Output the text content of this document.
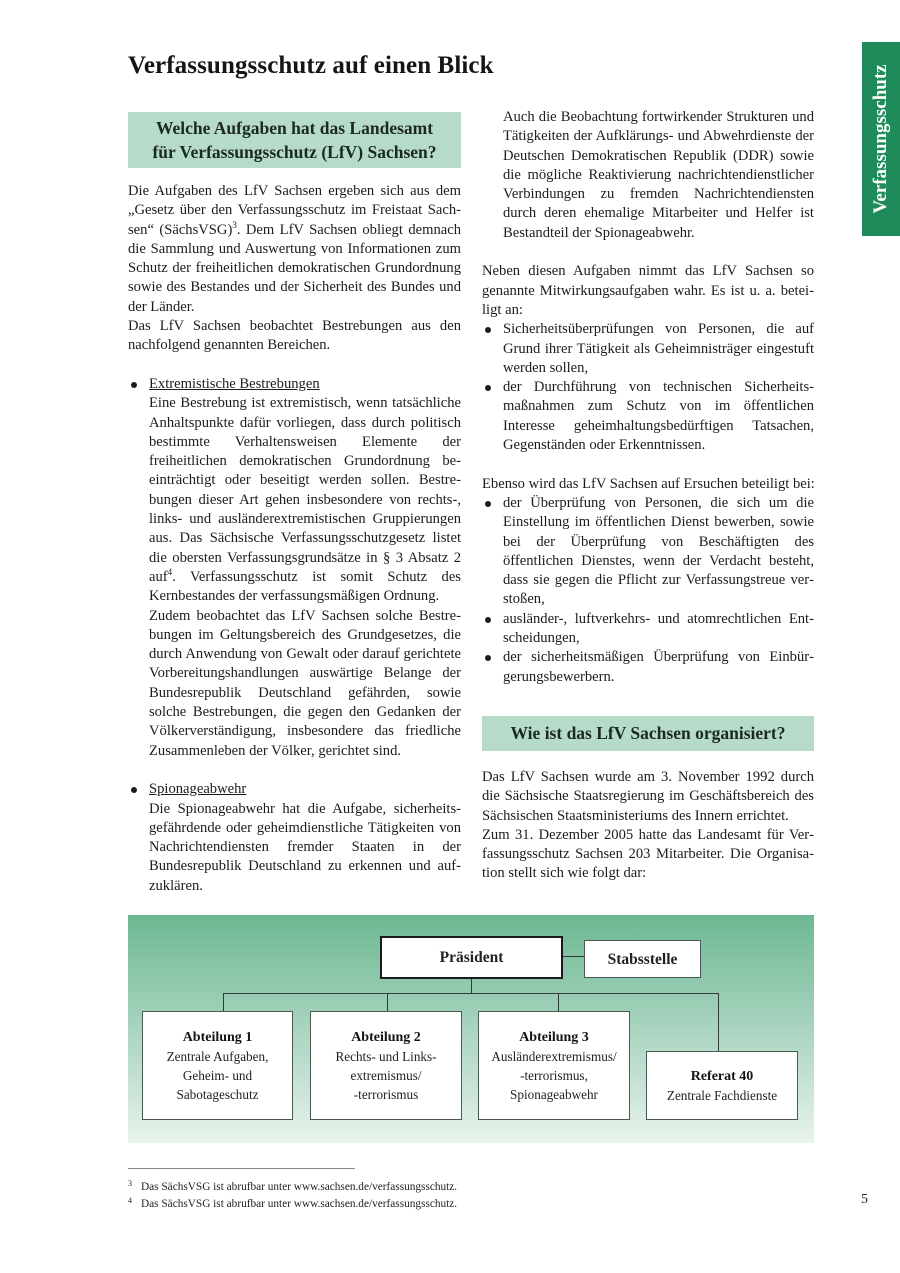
Verfassungsschutz auf einen Blick	Verfassungsschutz
Welche Aufgaben hat das Landesamt
für Verfassungsschutz (LfV) Sachsen?

Die Aufgaben des LfV Sachsen ergeben sich aus dem „Gesetz über den Verfassungsschutz im Freistaat Sachsen“ (SächsVSG)$^3$. Dem LfV Sachsen obliegt demnach die Sammlung und Auswertung von Informationen zum Schutz der freiheitlichen demokratischen Grundordnung sowie des Bestandes und der Sicherheit des Bundes und der Länder.

Das LfV Sachsen beobachtet Bestrebungen aus den nachfolgend genannten Bereichen.

Extremistische Bestrebungen

Eine Bestrebung ist extremistisch, wenn tatsächliche Anhaltspunkte dafür vorliegen, dass durch politisch bestimmte Verhaltensweisen Elemente der freiheitlichen demokratischen Grundordnung beeinträchtigt oder beseitigt werden sollen. Bestrebungen dieser Art gehen insbesondere von rechts-, links- und ausländerextremistischen Gruppierungen aus. Das Sächsische Verfassungsschutzgesetz listet die obersten Verfassungsgrundsätze in § 3 Absatz 2 auf$^4$. Verfassungsschutz ist somit Schutz des Kernbestandes der verfassungsmäßigen Ordnung.

Zudem beobachtet das LfV Sachsen solche Bestrebungen im Geltungsbereich des Grundgesetzes, die durch Anwendung von Gewalt oder darauf gerichtete Vorbereitungshandlungen auswärtige Belange der Bundesrepublik Deutschland gefährden, sowie solche Bestrebungen, die gegen den Gedanken der Völkerverständigung, insbesondere das friedliche Zusammenleben der Völker, gerichtet sind.

Spionageabwehr

Die Spionageabwehr hat die Aufgabe, sicherheitsgefährdende oder geheimdienstliche Tätigkeiten von Nachrichtendiensten fremder Staaten in der Bundesrepublik Deutschland zu erkennen und aufzuklären.

Auch die Beobachtung fortwirkender Strukturen und Tätigkeiten der Aufklärungs- und Abwehrdienste der Deutschen Demokratischen Republik (DDR) sowie die mögliche Reaktivierung nachrichtendienstlicher Verbindungen zu fremden Nachrichtendiensten durch deren ehemalige Mitarbeiter und Helfer ist Bestandteil der Spionageabwehr.

Neben diesen Aufgaben nimmt das LfV Sachsen so genannte Mitwirkungsaufgaben wahr. Es ist u. a. beteiligt an:

Sicherheitsüberprüfungen von Personen, die auf Grund ihrer Tätigkeit als Geheimnisträger eingestuft werden sollen,
der Durchführung von technischen Sicherheitsmaßnahmen zum Schutz von im öffentlichen Interesse geheimhaltungsbedürftigen Tatsachen, Gegenständen oder Erkenntnissen.

Ebenso wird das LfV Sachsen auf Ersuchen beteiligt bei:

der Überprüfung von Personen, die sich um die Einstellung im öffentlichen Dienst bewerben, sowie bei der Überprüfung von Beschäftigten des öffentlichen Dienstes, wenn der Verdacht besteht, dass sie gegen die Pflicht zur Verfassungstreue verstoßen,
ausländer-, luftverkehrs- und atomrechtlichen Entscheidungen,
der sicherheitsmäßigen Überprüfung von Einbürgerungsbewerbern.
Wie ist das LfV Sachsen organisiert?

Das LfV Sachsen wurde am 3. November 1992 durch die Sächsische Staatsregierung im Geschäftsbereich des Sächsischen Staatsministeriums des Innern errichtet.

Zum 31. Dezember 2005 hatte das Landesamt für Verfassungsschutz Sachsen 203 Mitarbeiter. Die Organisation stellt sich wie folgt dar:

Präsident	Stabsstelle
Abteilung 1
Zentrale Aufgaben,
Geheim- und
Sabotageschutz
Abteilung 2
Rechts- und Links-
extremismus/
-terrorismus
Abteilung 3
Ausländerextremismus/
-terrorismus,
Spionageabwehr
Referat 40
Zentrale Fachdienste
3 Das SächsVSG ist abrufbar unter www.sachsen.de/verfassungsschutz.
4 Das SächsVSG ist abrufbar unter www.sachsen.de/verfassungsschutz.	5
